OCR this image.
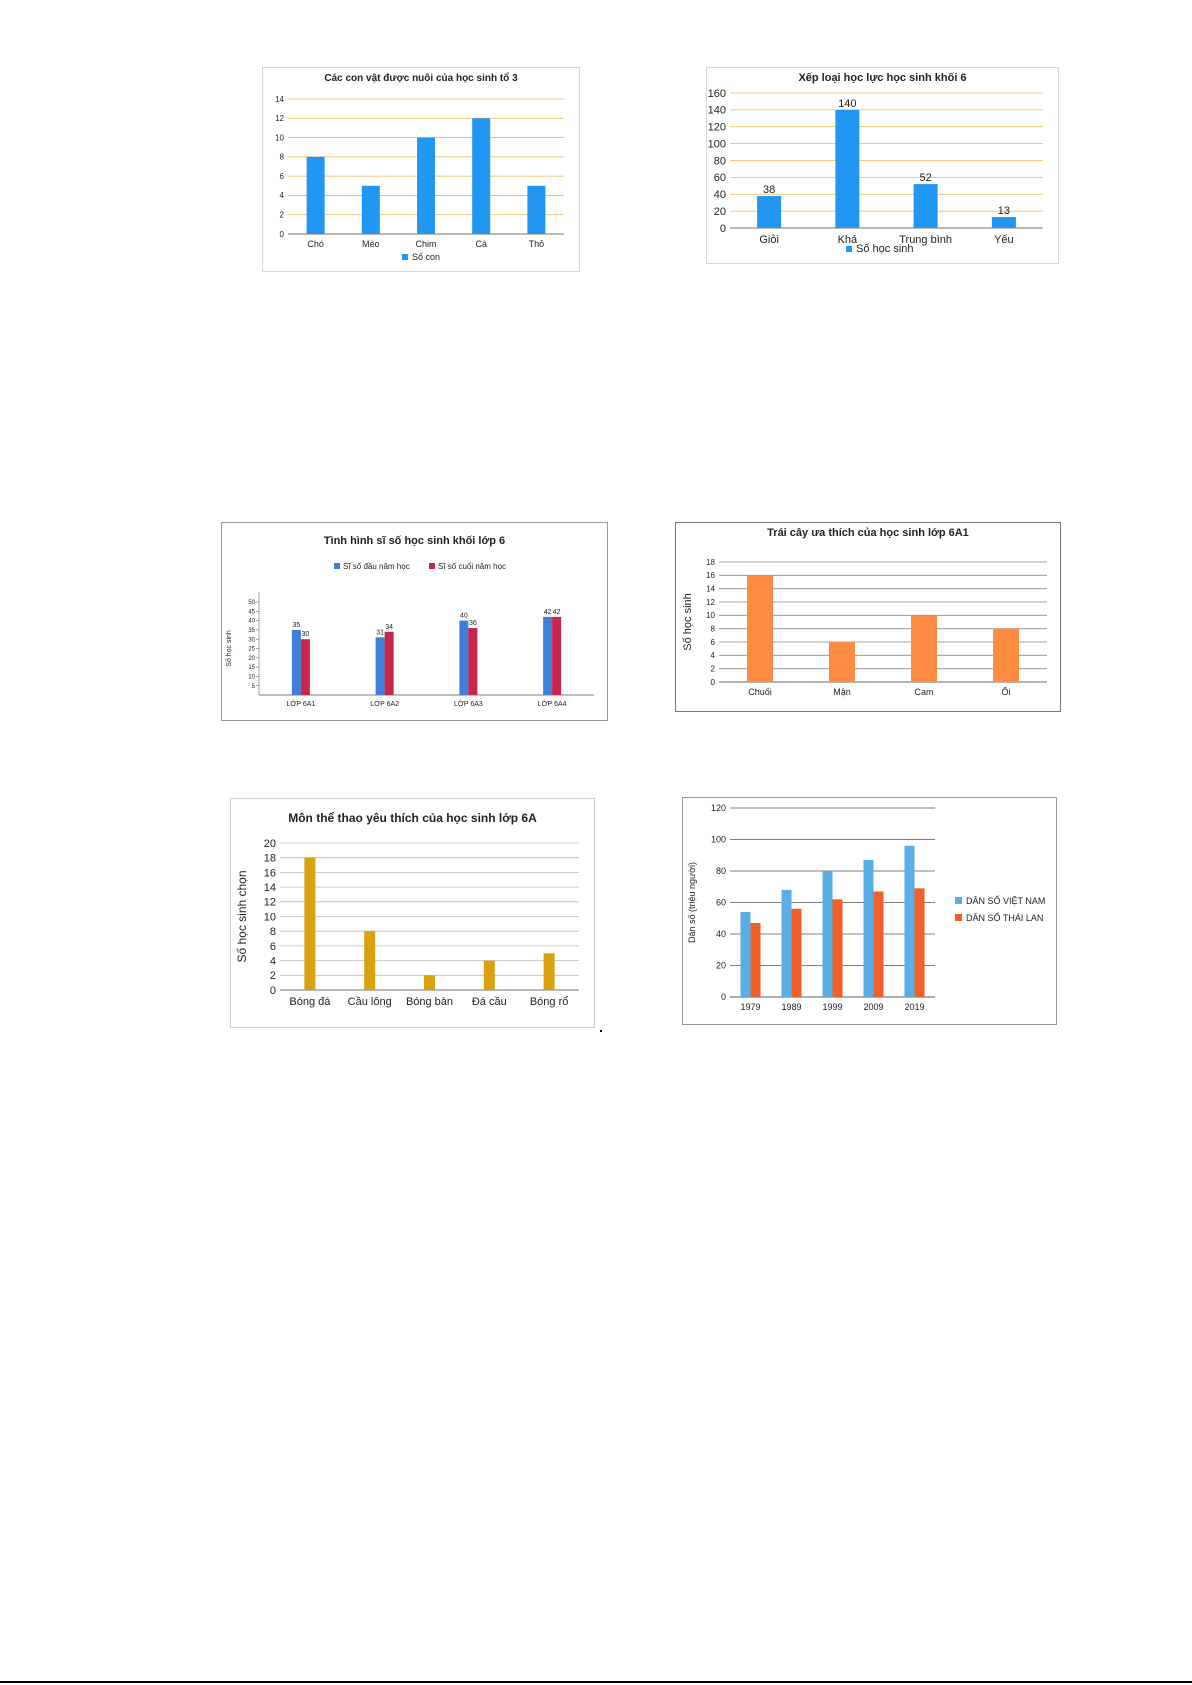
Các con vật được nuôi của học sinh tổ 3
0
2
4
6
8
10
12
14
Chó	Mèo	Chim	Cá	Thỏ
Số con
Xếp loại học lực học sinh khối 6
0
20
40
60
80
100
120
140
160
38
Giỏi
140
Khá
52
Trung bình
13
Yếu
Số học sinh
Tình hình sĩ số học sinh khối lớp 6
5
10
15
20
25
30
35
40
45
50
35
30
LỚP 6A1
31
34
LỚP 6A2
40
36
LỚP 6A3
42 42
LỚP 6A4
Số học sinh
Sĩ số đầu năm học	Sĩ số cuối năm học
Trái cây ưa thích của học sinh lớp 6A1
0
2
4
6
8
10
12
14
16
18
Chuối	Mận	Cam	Ổi
Số học sinh
Môn thể thao yêu thích của học sinh lớp 6A
0
2
4
6
8
10
12
14
16
18
20
Bóng đá Cầu lông Bóng bàn Đá cầu Bóng rổ
Số học sinh chọn
0
20
40
60
80
100
120
1979 1989 1999 2009 2019
Dân số (triệu người)	DÂN SỐ VIỆT NAM
DÂN SỐ THÁI LAN
